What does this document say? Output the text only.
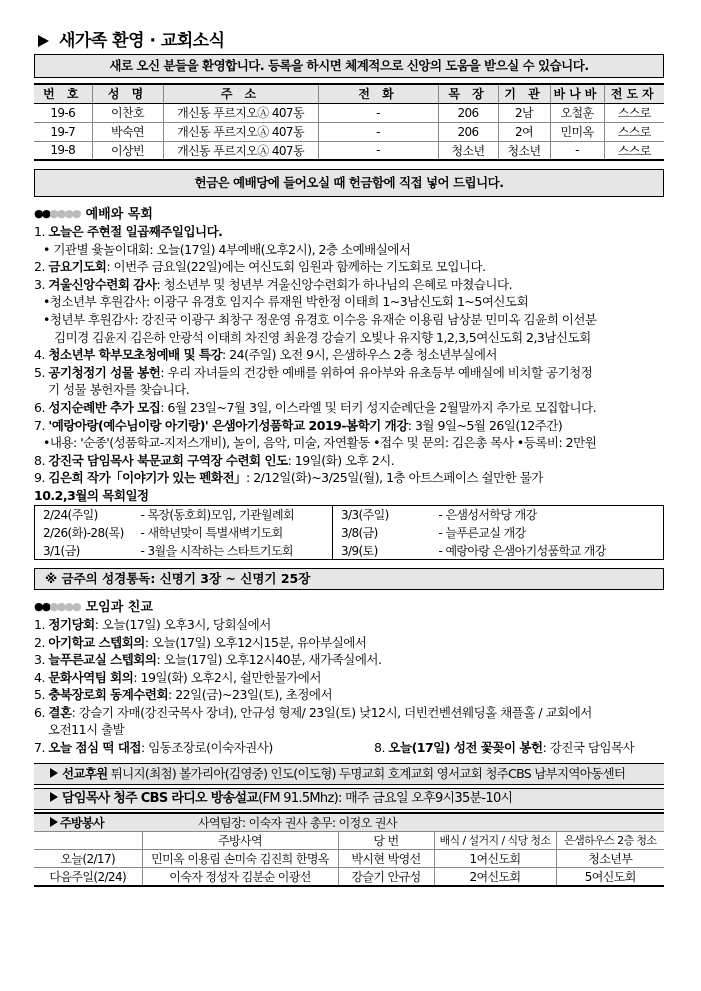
새가족 환영 · 교회소식
새로 오신 분들을 환영합니다. 등록을 하시면 체계적으로 신앙의 도움을 받으실 수 있습니다.
번 호	성 명	주 소	전 화	목 장	기 관	바나바	전도자
19-6	이찬호	개신동 푸르지오Ⓐ 407동	-	206	2남	오철훈	스스로
19-7	박숙연	개신동 푸르지오Ⓐ 407동	-	206	2여	민미옥	스스로
19-8	이상빈	개신동 푸르지오Ⓐ 407동	-	청소년	청소년	-	스스로
헌금은 예배당에 들어오실 때 헌금함에 직접 넣어 드립니다.
●●●●●● 예배와 목회
1. 오늘은 주현절 일곱째주일입니다.
• 기관별 윷놀이대회: 오늘(17일) 4부예배(오후2시), 2층 소예배실에서
2. 금요기도회: 이번주 금요일(22일)에는 여신도회 임원과 함께하는 기도회로 모입니다.
3. 겨울신앙수련회 감사: 청소년부 및 청년부 겨울신앙수련회가 하나님의 은혜로 마쳤습니다.
•청소년부 후원감사: 이광구 유경호 임지수 류재원 박한정 이태희 1~3남신도회 1~5여신도회
•청년부 후원감사: 강진국 이광구 최창구 정운영 유경호 이수응 유재순 이용림 남상분 민미옥 김윤희 이선분
김미경 김윤지 김은하 안광석 이태희 차진영 최윤경 강슬기 오빛나 유지향 1,2,3,5여신도회 2,3남신도회
4. 청소년부 학부모초청예배 및 특강: 24(주일) 오전 9시, 은샘하우스 2층 청소년부실에서
5. 공기청정기 성물 봉헌: 우리 자녀들의 건강한 예배를 위하여 유아부와 유초등부 예배실에 비치할 공기청정
기 성물 봉헌자를 찾습니다.
6. 성지순례반 추가 모집: 6월 23일~7월 3일, 이스라엘 및 터키 성지순례단을 2월말까지 추가로 모집합니다.
7. '예랑아랑(예수님이랑 아기랑)' 은샘아기성품학교 2019-봄학기 개강: 3월 9일~5월 26일(12주간)
•내용: '순종'(성품학교-지저스개비), 놀이, 음악, 미술, 자연활동 •접수 및 문의: 김은총 목사 •등록비: 2만원
8. 강진국 담임목사 북문교회 구역장 수련회 인도: 19일(화) 오후 2시.
9. 김은희 작가「이야기가 있는 펜화전」: 2/12일(화)~3/25일(월), 1층 아트스페이스 쉴만한 물가
10.2,3월의 목회일정
2/24(주일)	- 목장(동호회)모임, 기관월례회	3/3(주일)	- 은샘성서학당 개강
2/26(화)-28(목)	- 새학년맞이 특별새벽기도회	3/8(금)	- 늘푸른교실 개강
3/1(금)	- 3월을 시작하는 스타트기도회	3/9(토)	- 예랑아랑 은샘아기성품학교 개강
※ 금주의 성경통독: 신명기 3장 ~ 신명기 25장
●●●●●● 모임과 친교
1. 정기당회: 오늘(17일) 오후3시, 당회실에서
2. 아기학교 스텝회의: 오늘(17일) 오후12시15분, 유아부실에서
3. 늘푸른교실 스텝회의: 오늘(17일) 오후12시40분, 새가족실에서.
4. 문화사역팀 회의: 19일(화) 오후2시, 쉴만한물가에서
5. 충북장로회 동계수련회: 22일(금)~23일(토), 초정에서
6. 결혼: 강슬기 자매(강진국목사 장녀), 안규성 형제/ 23일(토) 낮12시, 더빈컨벤션웨딩홀 채플홀 / 교회에서
오전11시 출발
7. 오늘 점심 떡 대접: 임동조장로(이숙자권사)	8. 오늘(17일) 성전 꽃꽂이 봉헌: 강진국 담임목사
선교후원 튀니지(최첨) 볼가리아(김영중) 인도(이도형) 두명교회 호계교회 영서교회 청주CBS 남부지역아동센터
담임목사 청주 CBS 라디오 방송설교(FM 91.5Mhz): 매주 금요일 오후9시35분-10시
주방봉사	사역팀장: 이숙자 권사 총무: 이정오 권사			
	주방사역	당 번	배식 / 설거지 / 식당 청소	은샘하우스 2층 청소
오늘(2/17)	민미옥 이용림 손미숙 김진희 한명옥	박시현 박영선	1여신도회	청소년부
다음주일(2/24)	이숙자 정성자 김분순 이광선	강슬기 안규성	2여신도회	5여신도회
